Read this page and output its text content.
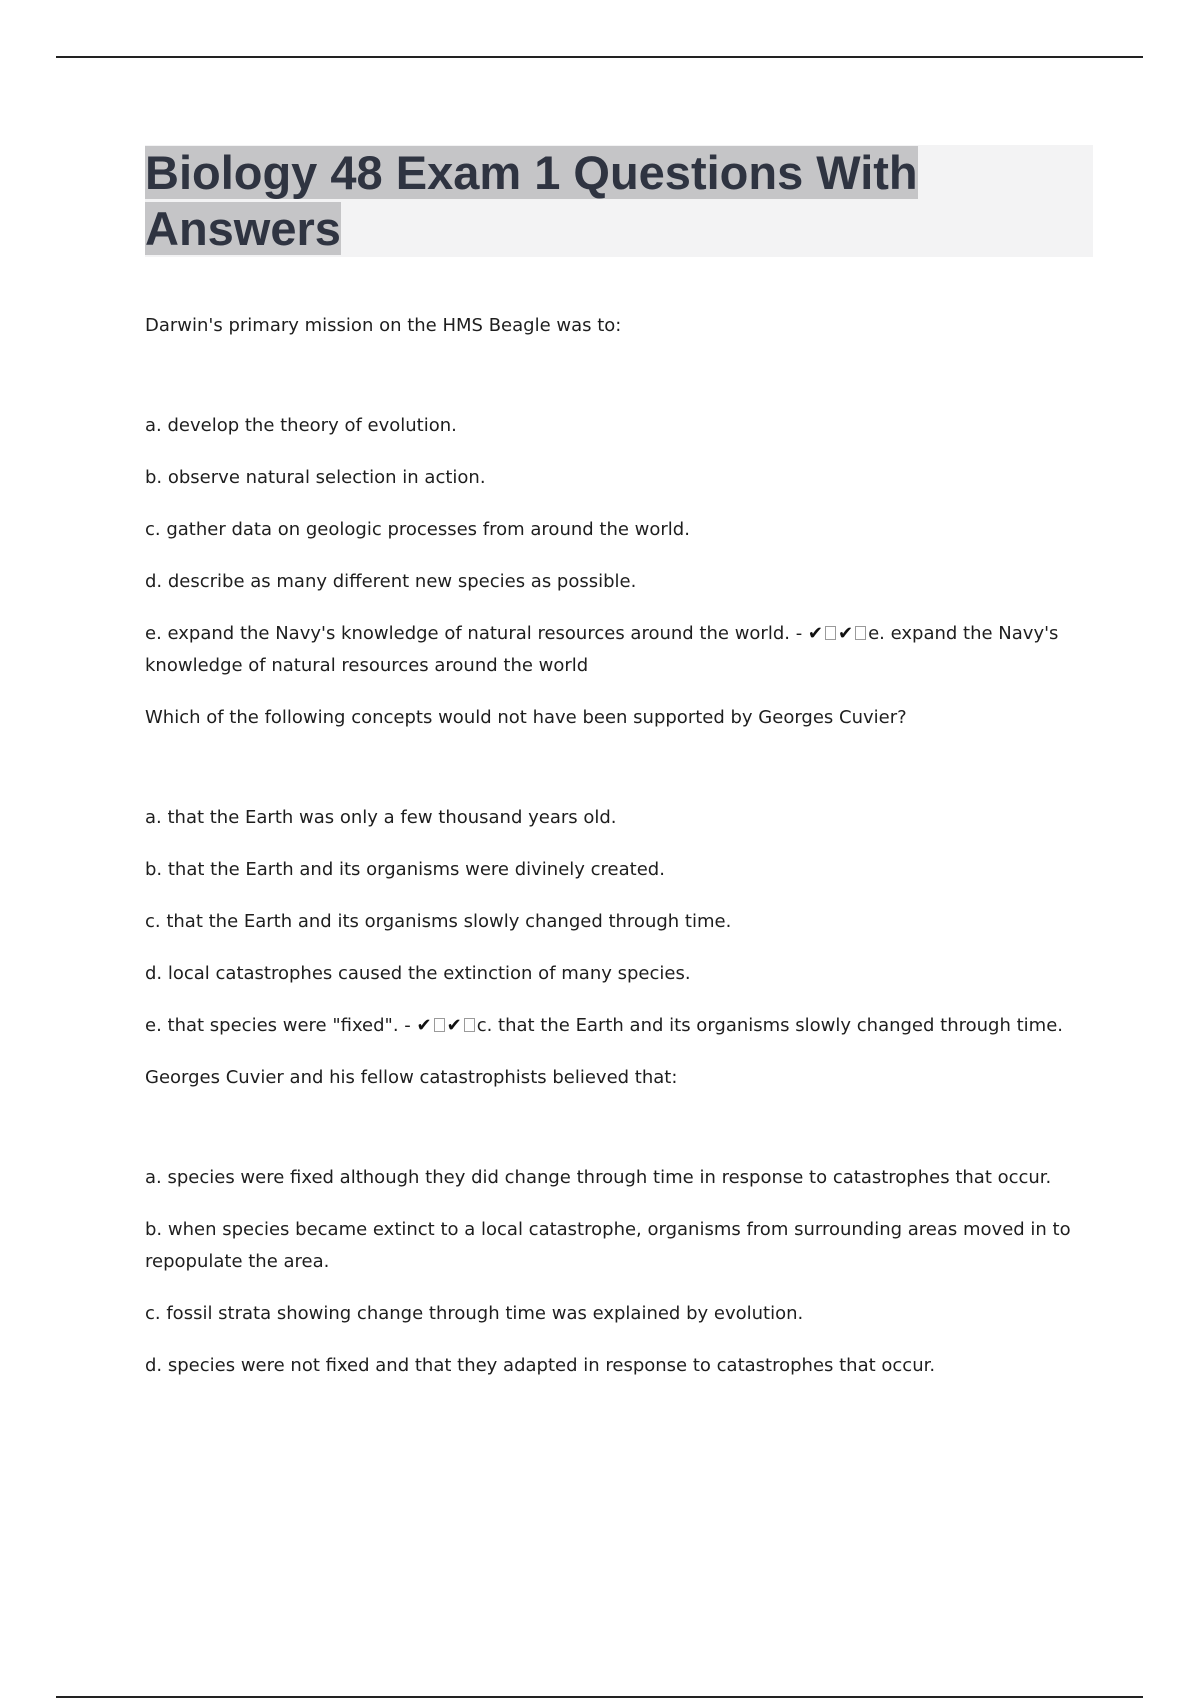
Biology 48 Exam 1 Questions With
Answers

Darwin's primary mission on the HMS Beagle was to:

a. develop the theory of evolution.

b. observe natural selection in action.

c. gather data on geologic processes from around the world.

d. describe as many different new species as possible.

e. expand the Navy's knowledge of natural resources around the world. - ✔ ✔ e. expand the Navy's knowledge of natural resources around the world

Which of the following concepts would not have been supported by Georges Cuvier?

a. that the Earth was only a few thousand years old.

b. that the Earth and its organisms were divinely created.

c. that the Earth and its organisms slowly changed through time.

d. local catastrophes caused the extinction of many species.

e. that species were "fixed". - ✔ ✔ c. that the Earth and its organisms slowly changed through time.

Georges Cuvier and his fellow catastrophists believed that:

a. species were fixed although they did change through time in response to catastrophes that occur.

b. when species became extinct to a local catastrophe, organisms from surrounding areas moved in to repopulate the area.

c. fossil strata showing change through time was explained by evolution.

d. species were not fixed and that they adapted in response to catastrophes that occur.
